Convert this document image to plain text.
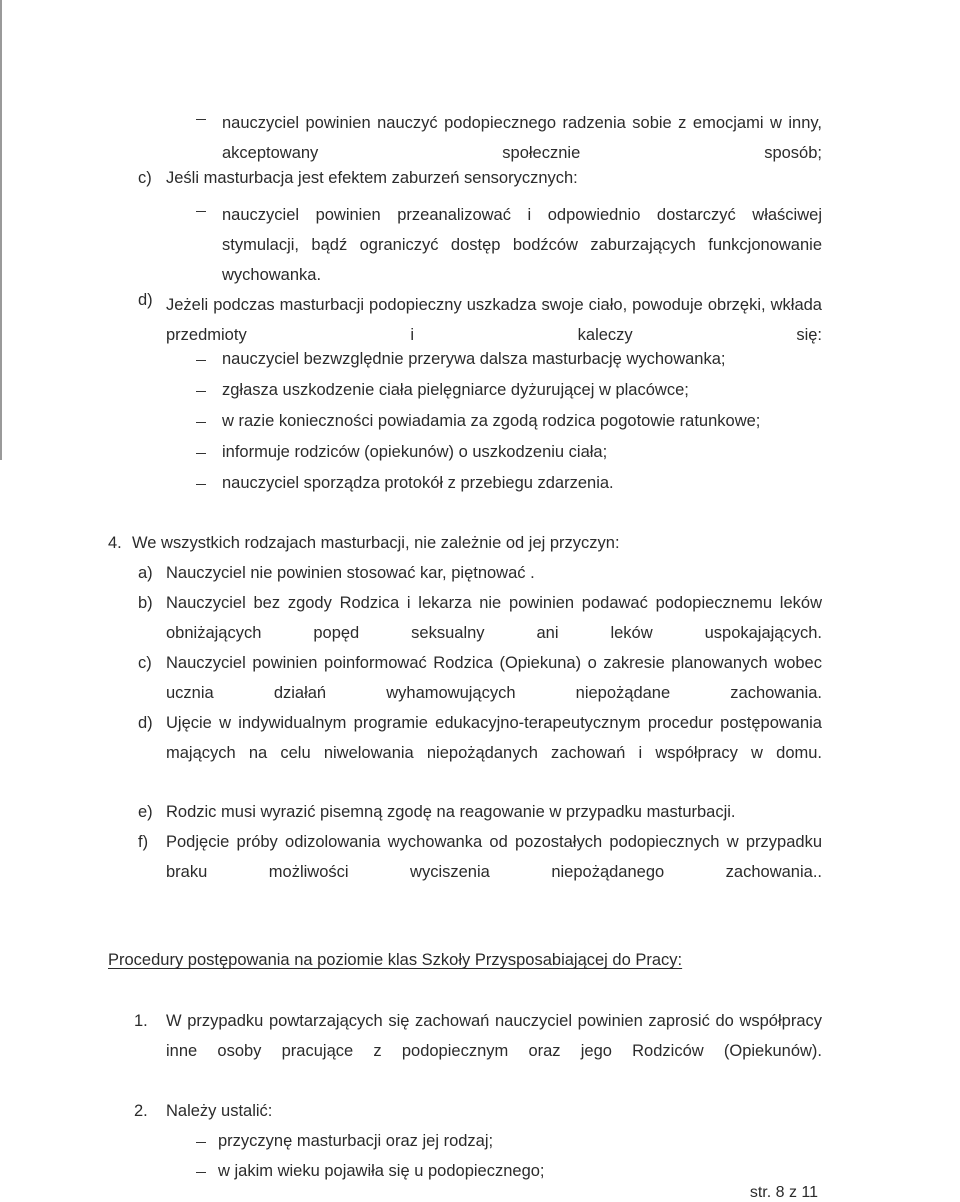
nauczyciel powinien nauczyć podopiecznego radzenia sobie z emocjami w inny, akceptowany społecznie sposób;
c) Jeśli masturbacja jest efektem zaburzeń sensorycznych:
nauczyciel powinien przeanalizować i odpowiednio dostarczyć właściwej stymulacji, bądź ograniczyć dostęp bodźców zaburzających funkcjonowanie wychowanka.
d) Jeżeli podczas masturbacji podopieczny uszkadza swoje ciało, powoduje obrzęki, wkłada przedmioty i kaleczy się:
nauczyciel bezwzględnie przerywa dalsza masturbację wychowanka;
zgłasza uszkodzenie ciała pielęgniarce dyżurującej w placówce;
w razie konieczności powiadamia za zgodą rodzica pogotowie ratunkowe;
informuje rodziców (opiekunów) o uszkodzeniu ciała;
nauczyciel sporządza protokół z przebiegu zdarzenia.
4. We wszystkich rodzajach masturbacji, nie zależnie od jej przyczyn:
a) Nauczyciel nie powinien stosować kar, piętnować .
b) Nauczyciel bez zgody Rodzica i lekarza nie powinien podawać podopiecznemu leków obniżających popęd seksualny ani leków uspokajających.
c) Nauczyciel powinien poinformować Rodzica (Opiekuna) o zakresie planowanych wobec ucznia działań wyhamowujących niepożądane zachowania.
d) Ujęcie w indywidualnym programie edukacyjno-terapeutycznym procedur postępowania mających na celu niwelowania niepożądanych zachowań i współpracy w domu.
e) Rodzic musi wyrazić pisemną zgodę na reagowanie w przypadku masturbacji.
f) Podjęcie próby odizolowania wychowanka od pozostałych podopiecznych w przypadku braku możliwości wyciszenia niepożądanego zachowania..
Procedury postępowania na poziomie klas Szkoły Przysposabiającej do Pracy:
1. W przypadku powtarzających się zachowań nauczyciel powinien zaprosić do współpracy inne osoby pracujące z podopiecznym oraz jego Rodziców (Opiekunów).
2. Należy ustalić:
przyczynę masturbacji oraz jej rodzaj;
w jakim wieku pojawiła się u podopiecznego;
str. 8 z 11
